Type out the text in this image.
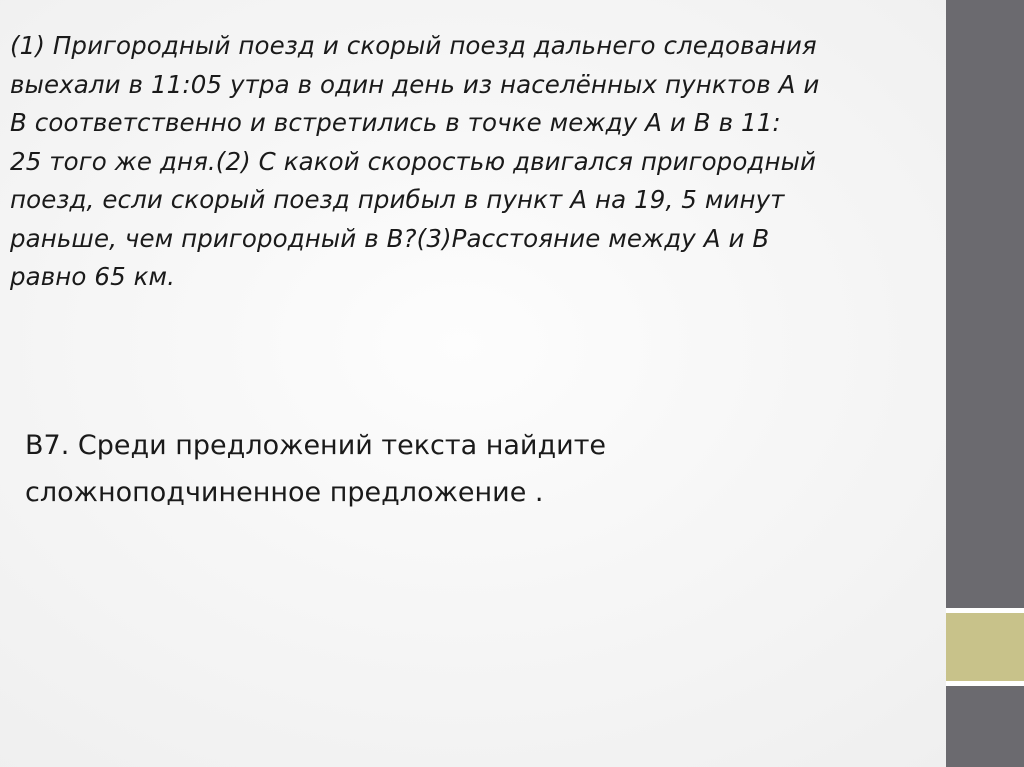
(1) Пригородный поезд и скорый поезд дальнего следования
выехали в 11:05 утра в один день из населённых пунктов А и
В соответственно и встретились в точке между А и В в 11:
25 того же дня.(2) С какой скоростью двигался пригородный
поезд, если скорый поезд прибыл в пункт А на 19, 5 минут
раньше, чем пригородный в В?(3)Расстояние между А и В
равно 65 км.

В7. Среди предложений текста найдите
сложноподчиненное предложение .
